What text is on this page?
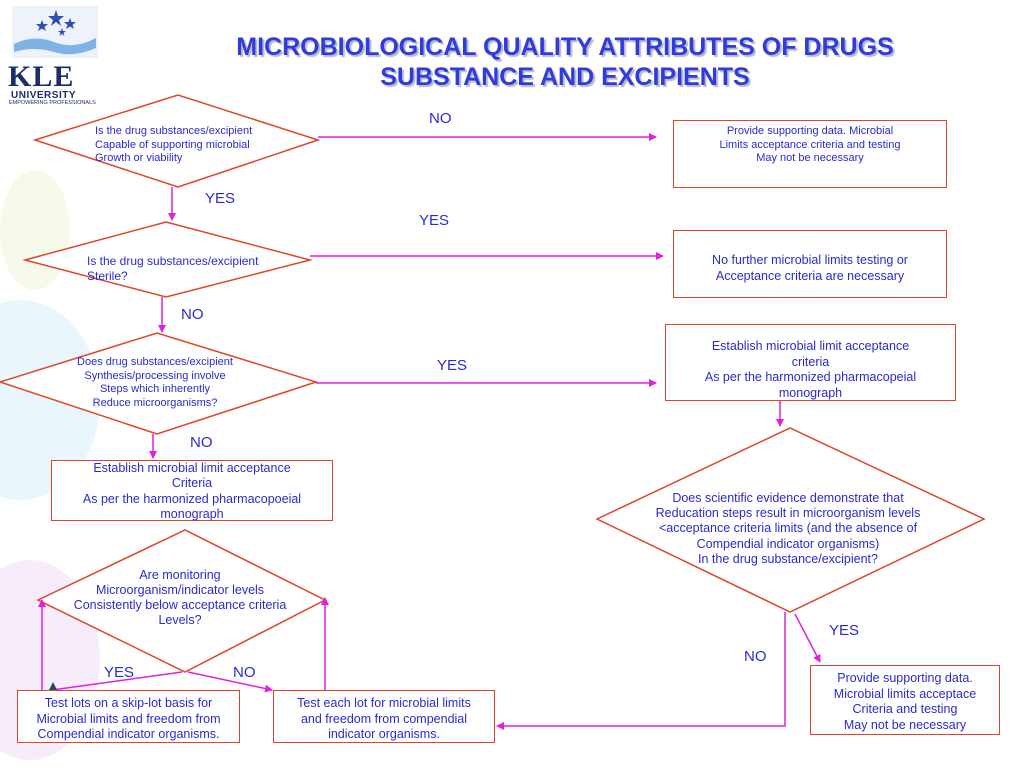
KLE
UNIVERSITY
EMPOWERING PROFESSIONALS
MICROBIOLOGICAL QUALITY ATTRIBUTES OF DRUGS
SUBSTANCE AND EXCIPIENTS
Is the drug substances/excipient
Capable of supporting microbial
Growth or viability
Is the drug substances/excipient
Sterile?
Does drug substances/excipient
Synthesis/processing involve
Steps which inherently
Reduce microorganisms?
Are monitoring
Microorganism/indicator levels
Consistently below acceptance criteria
Levels?
Does scientific evidence demonstrate that
Reducation steps result in microorganism levels
<acceptance criteria limits (and the absence of
Compendial indicator organisms)
In the drug substance/excipient?
Provide supporting data. Microbial
Limits acceptance criteria and testing
May not be necessary
No further microbial limits testing or
Acceptance criteria are necessary
Establish microbial limit acceptance
criteria
As per the harmonized pharmacopeial
monograph
Establish microbial limit acceptance
Criteria
As per the harmonized pharmacopoeial
monograph
Test lots on a skip-lot basis for
Microbial limits and freedom from
Compendial indicator organisms.
Test each lot for microbial limits
and freedom from compendial
indicator organisms.
Provide supporting data.
Microbial limits acceptace
Criteria and testing
May not be necessary
NO
YES
YES
NO
YES
NO
YES	NO
YES
NO
